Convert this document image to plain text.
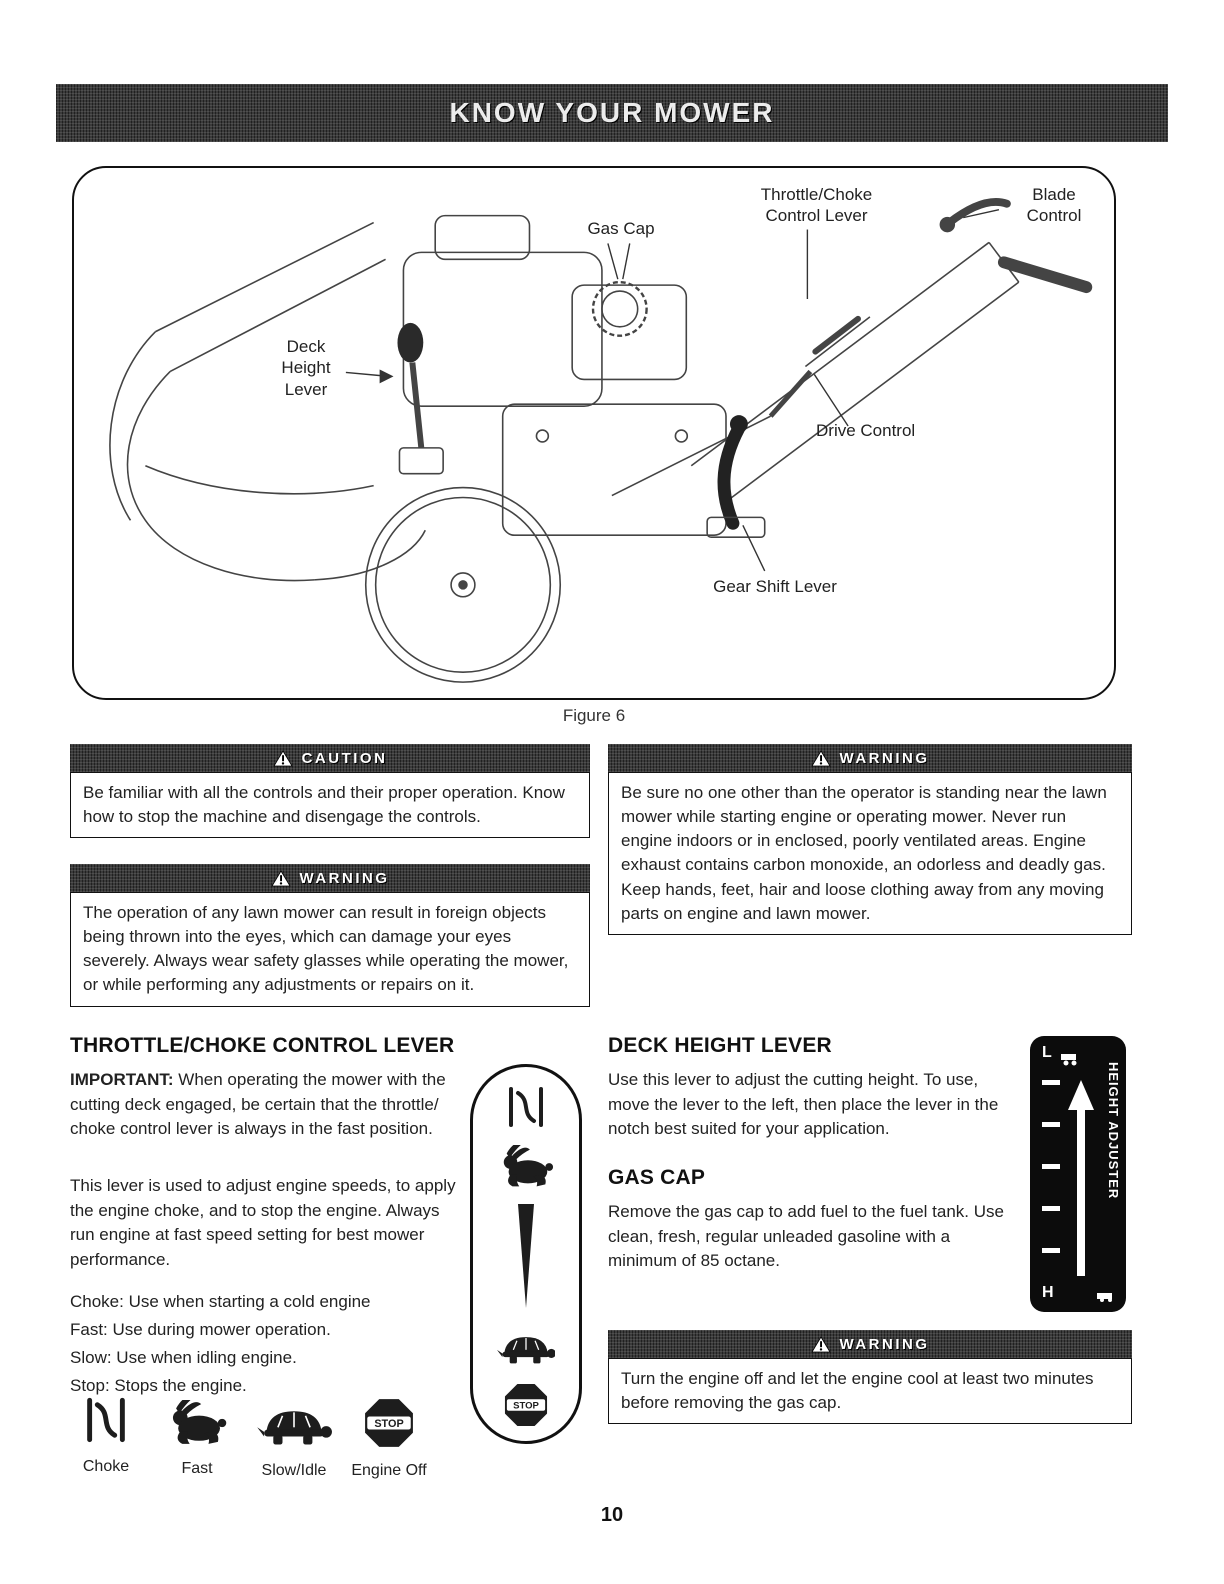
KNOW YOUR MOWER
Throttle/Choke
Control Lever
Blade
Control
Gas Cap
Deck
Height
Lever
Drive Control
Gear Shift Lever
Figure 6
CAUTION
Be familiar with all the controls and their proper operation. Know how to stop the machine and disengage the controls.
WARNING
The operation of any lawn mower can result in foreign objects being thrown into the eyes, which can damage your eyes severely. Always wear safety glasses while operating the mower, or while performing any adjustments or repairs on it.
WARNING
Be sure no one other than the operator is standing near the lawn mower while starting engine or operating mower. Never run engine indoors or in enclosed, poorly ventilated areas. Engine exhaust contains carbon monoxide, an odorless and deadly gas. Keep hands, feet, hair and loose clothing away from any moving parts on engine and lawn mower.
THROTTLE/CHOKE CONTROL LEVER
IMPORTANT: When operating the mower with the cutting deck engaged, be certain that the throttle/ choke control lever is always in the fast position.
This lever is used to adjust engine speeds, to apply the engine choke, and to stop the engine. Always run engine at fast speed setting for best mower performance.
Choke: Use when starting a cold engine
Fast: Use during mower operation.
Slow: Use when idling engine.
Stop: Stops the engine.
STOP
Choke	Fast	Slow/Idle
STOP
Engine Off
DECK HEIGHT LEVER
Use this lever to adjust the cutting height. To use, move the lever to the left, then place the lever in the notch best suited for your application.
GAS CAP
Remove the gas cap to add fuel to the fuel tank. Use clean, fresh, regular unleaded gasoline with a minimum of 85 octane.
L
HEIGHT ADJUSTER
H
WARNING
Turn the engine off and let the engine cool at least two minutes before removing the gas cap.
10
